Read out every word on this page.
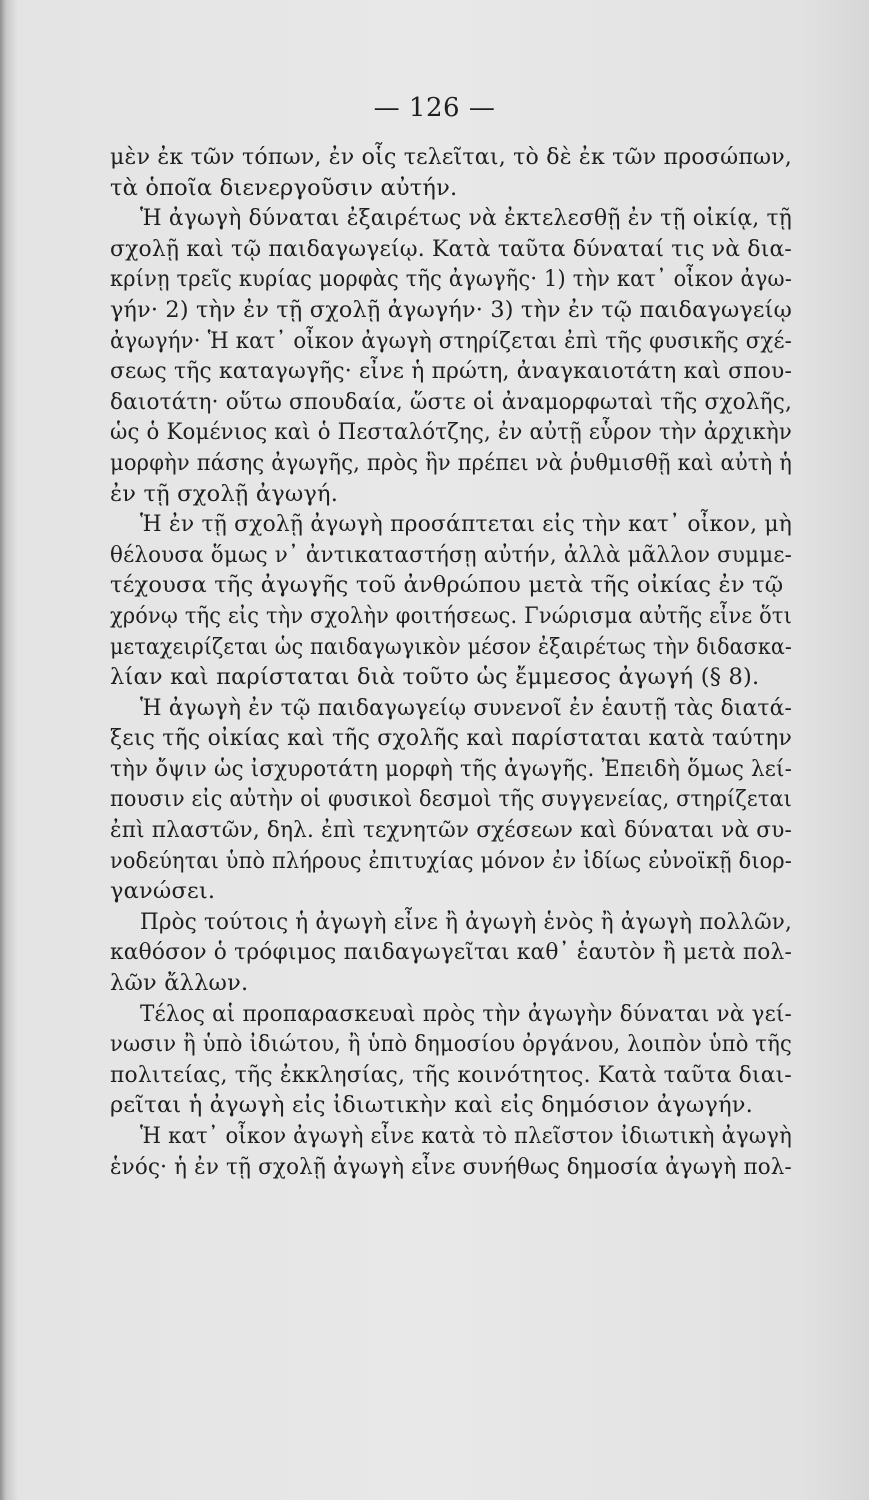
— 126 —
μὲν ἐκ τῶν τόπων, ἐν οἷς τελεῖται, τὸ δὲ ἐκ τῶν προσώπων,
τὰ ὁποῖα διενεργοῦσιν αὐτήν.
Ἡ ἀγωγὴ δύναται ἐξαιρέτως νὰ ἐκτελεσθῇ ἐν τῇ οἰκίᾳ, τῇ
σχολῇ καὶ τῷ παιδαγωγείῳ. Κατὰ ταῦτα δύναταί τις νὰ δια-
κρίνῃ τρεῖς κυρίας μορφὰς τῆς ἀγωγῆς· 1) τὴν κατ᾽ οἶκον ἀγω-
γήν· 2) τὴν ἐν τῇ σχολῇ ἀγωγήν· 3) τὴν ἐν τῷ παιδαγωγείῳ
ἀγωγήν· Ἡ κατ᾽ οἶκον ἀγωγὴ στηρίζεται ἐπὶ τῆς φυσικῆς σχέ-
σεως τῆς καταγωγῆς· εἶνε ἡ πρώτη, ἀναγκαιοτάτη καὶ σπου-
δαιοτάτη· οὕτω σπουδαία, ὥστε οἱ ἀναμορφωταὶ τῆς σχολῆς,
ὡς ὁ Κομένιος καὶ ὁ Πεσταλότζης, ἐν αὐτῇ εὗρον τὴν ἀρχικὴν
μορφὴν πάσης ἀγωγῆς, πρὸς ἣν πρέπει νὰ ῥυθμισθῇ καὶ αὐτὴ ἡ
ἐν τῇ σχολῇ ἀγωγή.
Ἡ ἐν τῇ σχολῇ ἀγωγὴ προσάπτεται εἰς τὴν κατ᾽ οἶκον, μὴ
θέλουσα ὅμως ν᾽ ἀντικαταστήσῃ αὐτήν, ἀλλὰ μᾶλλον συμμε-
τέχουσα τῆς ἀγωγῆς τοῦ ἀνθρώπου μετὰ τῆς οἰκίας ἐν τῷ
χρόνῳ τῆς εἰς τὴν σχολὴν φοιτήσεως. Γνώρισμα αὐτῆς εἶνε ὅτι
μεταχειρίζεται ὡς παιδαγωγικὸν μέσον ἐξαιρέτως τὴν διδασκα-
λίαν καὶ παρίσταται διὰ τοῦτο ὡς ἔμμεσος ἀγωγή (§ 8).
Ἡ ἀγωγὴ ἐν τῷ παιδαγωγείῳ συνενοῖ ἐν ἑαυτῇ τὰς διατά-
ξεις τῆς οἰκίας καὶ τῆς σχολῆς καὶ παρίσταται κατὰ ταύτην
τὴν ὄψιν ὡς ἰσχυροτάτη μορφὴ τῆς ἀγωγῆς. Ἐπειδὴ ὅμως λεί-
πουσιν εἰς αὐτὴν οἱ φυσικοὶ δεσμοὶ τῆς συγγενείας, στηρίζεται
ἐπὶ πλαστῶν, δηλ. ἐπὶ τεχνητῶν σχέσεων καὶ δύναται νὰ συ-
νοδεύηται ὑπὸ πλήρους ἐπιτυχίας μόνον ἐν ἰδίως εὐνοϊκῇ διορ-
γανώσει.
Πρὸς τούτοις ἡ ἀγωγὴ εἶνε ἢ ἀγωγὴ ἑνὸς ἢ ἀγωγὴ πολλῶν,
καθόσον ὁ τρόφιμος παιδαγωγεῖται καθ᾽ ἑαυτὸν ἢ μετὰ πολ-
λῶν ἄλλων.
Τέλος αἱ προπαρασκευαὶ πρὸς τὴν ἀγωγὴν δύναται νὰ γεί-
νωσιν ἢ ὑπὸ ἰδιώτου, ἢ ὑπὸ δημοσίου ὀργάνου, λοιπὸν ὑπὸ τῆς
πολιτείας, τῆς ἐκκλησίας, τῆς κοινότητος. Κατὰ ταῦτα διαι-
ρεῖται ἡ ἀγωγὴ εἰς ἰδιωτικὴν καὶ εἰς δημόσιον ἀγωγήν.
Ἡ κατ᾽ οἶκον ἀγωγὴ εἶνε κατὰ τὸ πλεῖστον ἰδιωτικὴ ἀγωγὴ
ἑνός· ἡ ἐν τῇ σχολῇ ἀγωγὴ εἶνε συνήθως δημοσία ἀγωγὴ πολ-
